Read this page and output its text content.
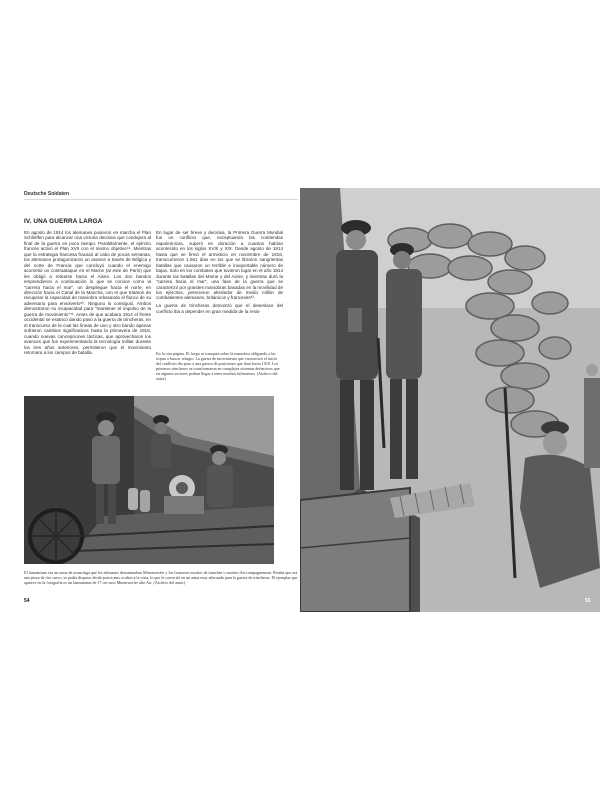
Deutsche Soldaten
IV. UNA GUERRA LARGA

En agosto de 1914 los alemanes pusieron en marcha el Plan Schlieffen para alcanzar una victoria decisiva que condujera al final de la guerra en poco tiempo. Paralelamente, el ejército francés activó el Plan XVII con el mismo objetivo⁴⁹. Mientras que la estrategia francesa fracasó al cabo de pocas semanas, los alemanes protagonizaron un avance a través de Bélgica y del norte de Francia que concluyó cuando el enemigo acometió un contraataque en el Marne (al este de París) que les obligó a retirarse hacia el Aisne. Los dos bandos emprendieron a continuación lo que se conoce como la "carrera hacia el mar", un despliegue hacia el norte, en dirección hacia el Canal de la Mancha, con el que trataron de recuperar la capacidad de maniobra rebasando el flanco de su adversario para envolverlo⁵⁰. Ninguno lo consiguió. Ambos demostraron su incapacidad para "mantener el impulso de la guerra de movimiento"⁵¹. Antes de que acabara 1914 el frente occidental se estancó dando paso a la guerra de trincheras, en el transcurso de la cual las líneas de uno y otro bando apenas sufrieron cambios significativos hasta la primavera de 1918, cuando nuevas concepciones tácticas, que aprovecharon los avances que fue experimentando la tecnología militar durante los tres años anteriores, permitieron que el movimiento retornara a los campos de batalla.

En lugar de ser breve y decisiva, la Primera Guerra Mundial fue un conflicto que, exceptuando las contiendas napoleónicas, superó en duración a cuantos habían acontecido en los siglos XVIII y XIX. Desde agosto de 1914 hasta que se firmó el armisticio en noviembre de 1918, transcurrieron 1.561 días en los que se libraron sangrientas batallas que causaron un terrible e insoportable número de bajas. Solo en los combates que tuvieron lugar en el año 1914 durante las batallas del Marne y del Aisne, y mientras duró la "carrera hacia el mar", una fase de la guerra que se caracterizó por grandes maniobras basadas en la movilidad de los ejércitos, perecieron alrededor de medio millón de combatientes alemanes, británicos y franceses⁵².

La guerra de trincheras demostró que el desenlace del conflicto iba a depender en gran medida de la resis-

En la otra página. El fuego se tranquea sobre la maniobra obligando a las tropas a buscar refugio. La guerra de movimiento que caracterizó el inicio del conflicto dio paso a una guerra de posiciones que duró hasta 1918. Los primeros trincheros se transformaron en complejos sistemas defensivos que en algunos sectores podían llegar a tener muchos kilómetros. (Archivo del autor)
El lanzaminas era un arma de avancinga que los alemanes denominaban Minenwerfer y los franceses mortier de tranchée o mortier d'accompagnement. Pesaba que era una pieza de tiro curvo, se podía disparar desde posiciones ocultas a la vista, lo que le convirtió en un arma muy adecuada para la guerra de trincheras. El ejemplar que aparece en la fotografía es un lanzaminas de 17 cm ruso Minenwerfer alto Art. (Archivo del autor)
54	55
